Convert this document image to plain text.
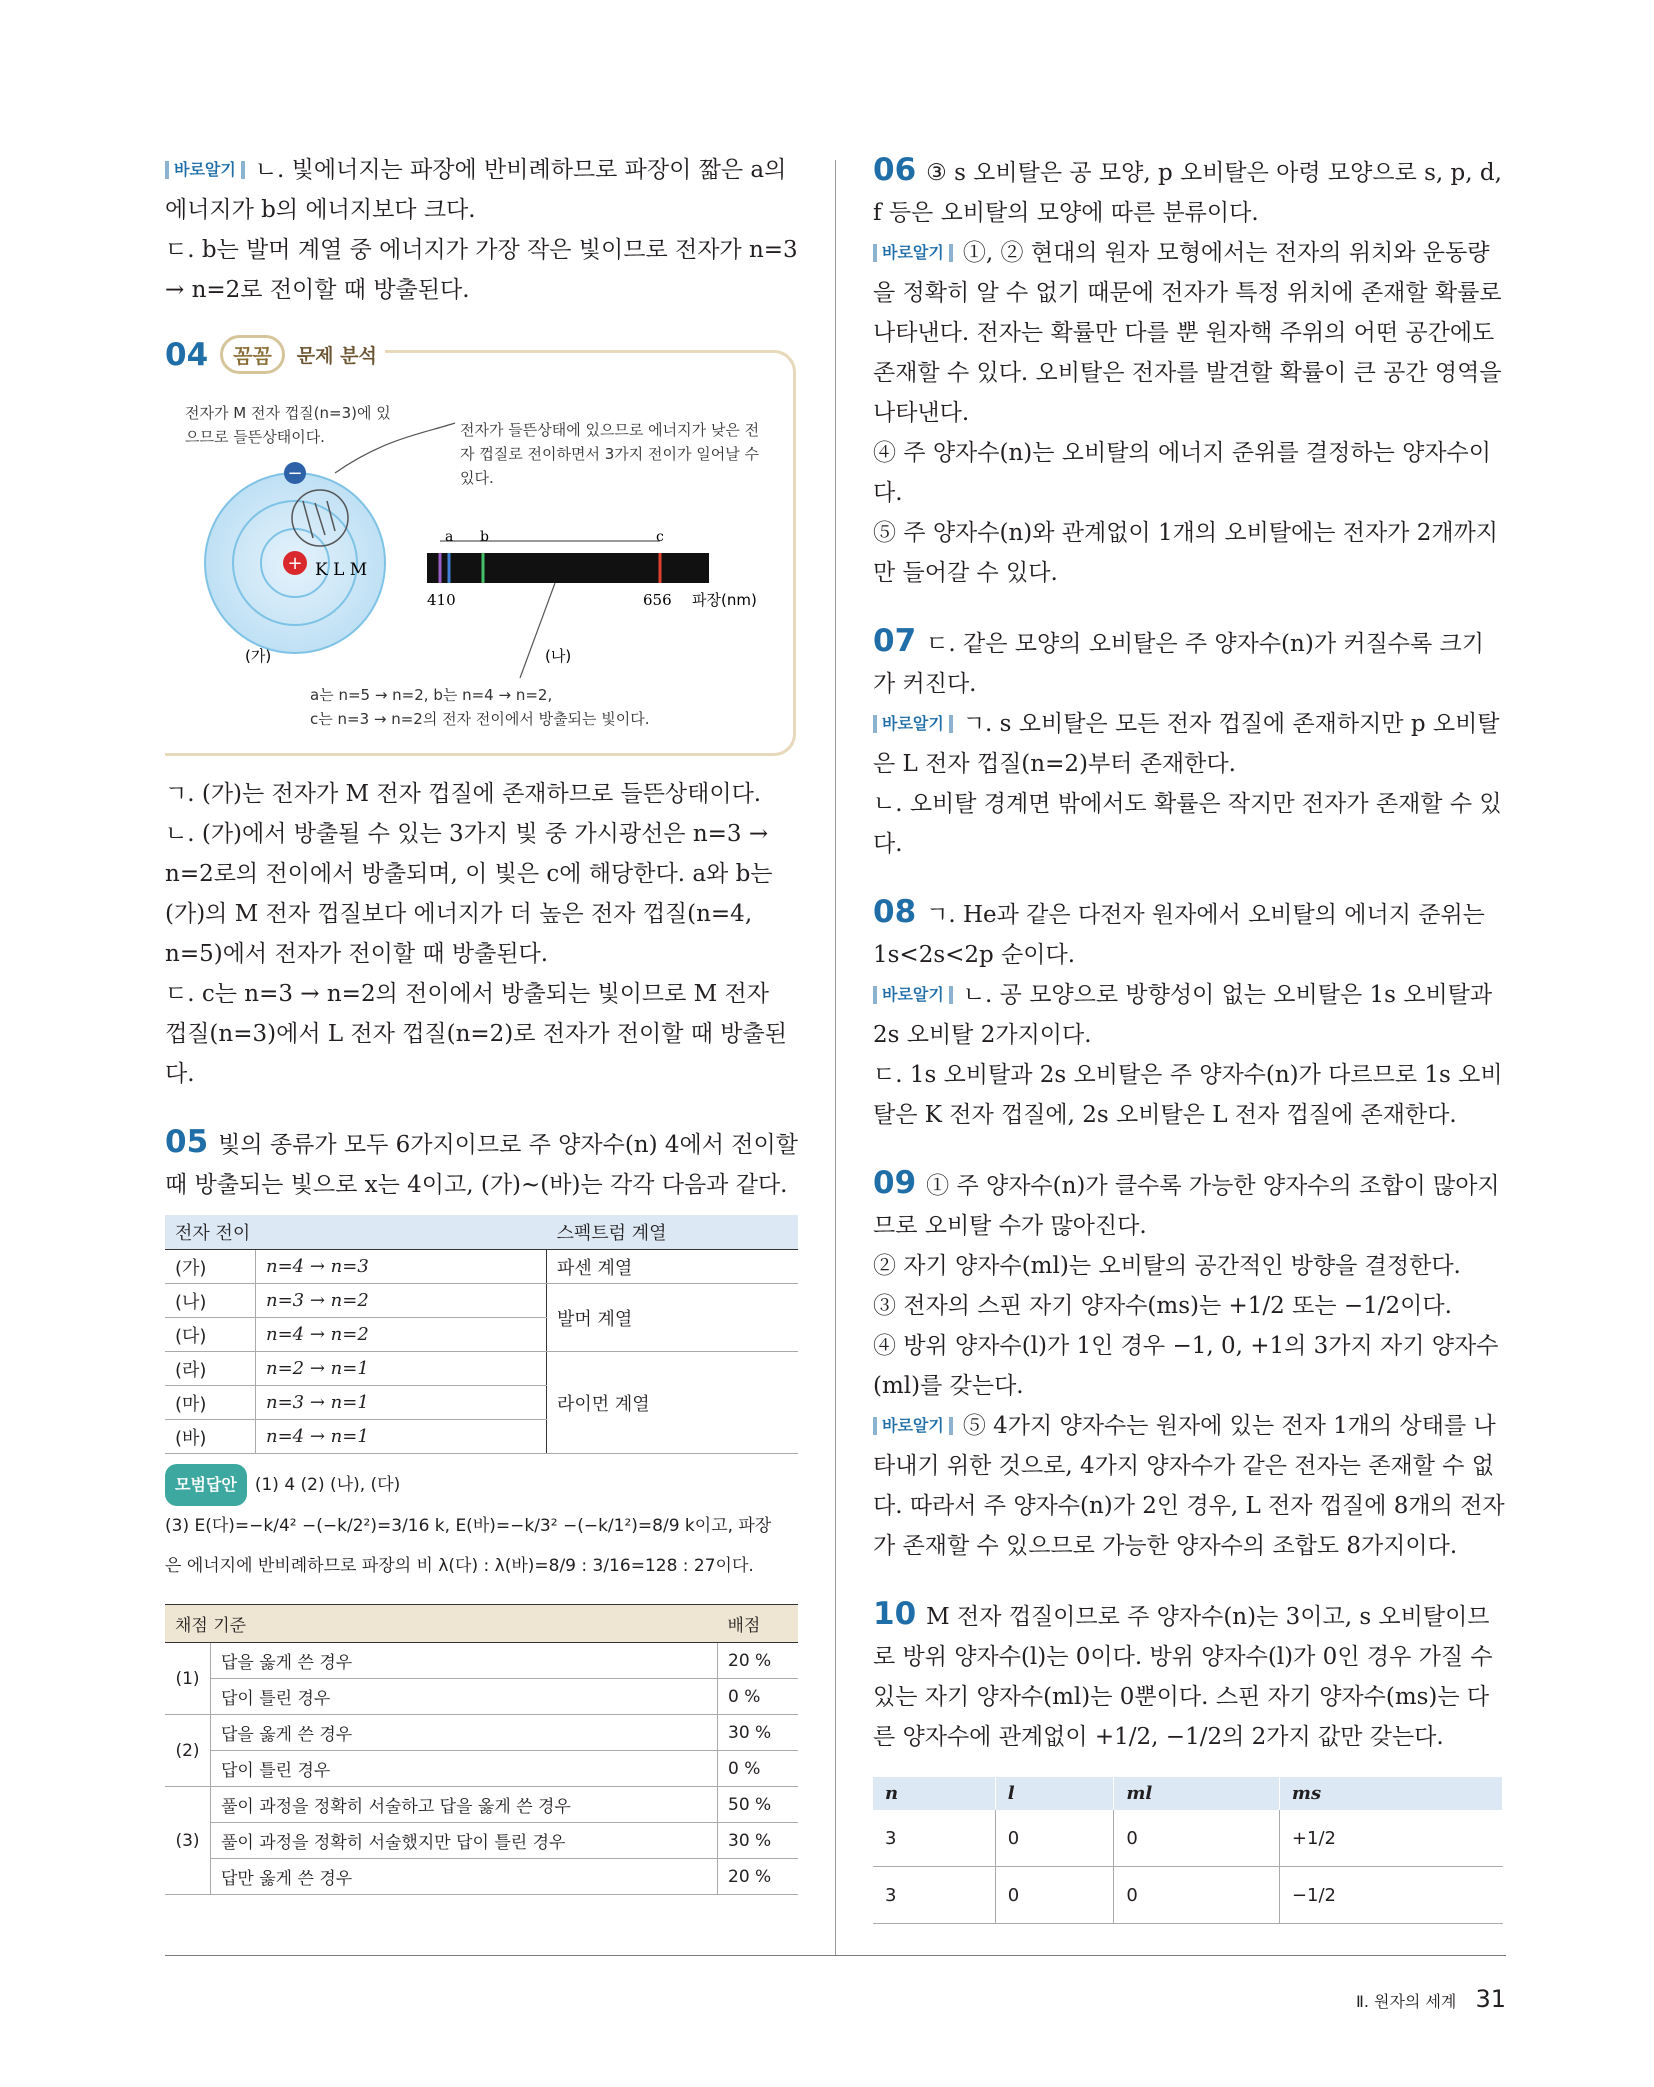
바로알기 ㄴ. 빛에너지는 파장에 반비례하므로 파장이 짧은 a의 에너지가 b의 에너지보다 크다.

ㄷ. b는 발머 계열 중 에너지가 가장 작은 빛이므로 전자가 n=3 → n=2로 전이할 때 방출된다.

04	꼼꼼	문제 분석
+
−
K L M
a b	c
410	656 파장(nm)
(가)	(나)
전자가 M 전자 껍질(n=3)에 있으므로 들뜬상태이다.	전자가 들뜬상태에 있으므로 에너지가 낮은 전자 껍질로 전이하면서 3가지 전이가 일어날 수 있다.
a는 n=5 → n=2, b는 n=4 → n=2,
c는 n=3 → n=2의 전자 전이에서 방출되는 빛이다.

ㄱ. (가)는 전자가 M 전자 껍질에 존재하므로 들뜬상태이다.

ㄴ. (가)에서 방출될 수 있는 3가지 빛 중 가시광선은 n=3 → n=2로의 전이에서 방출되며, 이 빛은 c에 해당한다. a와 b는 (가)의 M 전자 껍질보다 에너지가 더 높은 전자 껍질(n=4, n=5)에서 전자가 전이할 때 방출된다.

ㄷ. c는 n=3 → n=2의 전이에서 방출되는 빛이므로 M 전자 껍질(n=3)에서 L 전자 껍질(n=2)로 전자가 전이할 때 방출된다.

05 빛의 종류가 모두 6가지이므로 주 양자수(n) 4에서 전이할 때 방출되는 빛으로 x는 4이고, (가)~(바)는 각각 다음과 같다.

전자 전이		스펙트럼 계열
(가)	n=4 → n=3	파센 계열
(나)	n=3 → n=2	발머 계열
(다)	n=4 → n=2	
(라)	n=2 → n=1	라이먼 계열
(마)	n=3 → n=1	
(바)	n=4 → n=1	
모범답안 (1) 4 (2) (나), (다)
(3) E(다)=−k/4² −(−k/2²)=3/16 k, E(바)=−k/3² −(−k/1²)=8/9 k이고, 파장
은 에너지에 반비례하므로 파장의 비 λ(다) : λ(바)=8/9 : 3/16=128 : 27이다.
채점 기준		배점
(1)	답을 옳게 쓴 경우	20 %
	답이 틀린 경우	0 %
(2)	답을 옳게 쓴 경우	30 %
	답이 틀린 경우	0 %
(3)	풀이 과정을 정확히 서술하고 답을 옳게 쓴 경우	50 %
	풀이 과정을 정확히 서술했지만 답이 틀린 경우	30 %
	답만 옳게 쓴 경우	20 %

06 ③ s 오비탈은 공 모양, p 오비탈은 아령 모양으로 s, p, d, f 등은 오비탈의 모양에 따른 분류이다.

바로알기 ①, ② 현대의 원자 모형에서는 전자의 위치와 운동량을 정확히 알 수 없기 때문에 전자가 특정 위치에 존재할 확률로 나타낸다. 전자는 확률만 다를 뿐 원자핵 주위의 어떤 공간에도 존재할 수 있다. 오비탈은 전자를 발견할 확률이 큰 공간 영역을 나타낸다.

④ 주 양자수(n)는 오비탈의 에너지 준위를 결정하는 양자수이다.

⑤ 주 양자수(n)와 관계없이 1개의 오비탈에는 전자가 2개까지만 들어갈 수 있다.

07 ㄷ. 같은 모양의 오비탈은 주 양자수(n)가 커질수록 크기가 커진다.

바로알기 ㄱ. s 오비탈은 모든 전자 껍질에 존재하지만 p 오비탈은 L 전자 껍질(n=2)부터 존재한다.

ㄴ. 오비탈 경계면 밖에서도 확률은 작지만 전자가 존재할 수 있다.

08 ㄱ. He과 같은 다전자 원자에서 오비탈의 에너지 준위는 1s<2s<2p 순이다.

바로알기 ㄴ. 공 모양으로 방향성이 없는 오비탈은 1s 오비탈과 2s 오비탈 2가지이다.

ㄷ. 1s 오비탈과 2s 오비탈은 주 양자수(n)가 다르므로 1s 오비탈은 K 전자 껍질에, 2s 오비탈은 L 전자 껍질에 존재한다.

09 ① 주 양자수(n)가 클수록 가능한 양자수의 조합이 많아지므로 오비탈 수가 많아진다.

② 자기 양자수(ml)는 오비탈의 공간적인 방향을 결정한다.

③ 전자의 스핀 자기 양자수(ms)는 +1/2 또는 −1/2이다.

④ 방위 양자수(l)가 1인 경우 −1, 0, +1의 3가지 자기 양자수(ml)를 갖는다.

바로알기 ⑤ 4가지 양자수는 원자에 있는 전자 1개의 상태를 나타내기 위한 것으로, 4가지 양자수가 같은 전자는 존재할 수 없다. 따라서 주 양자수(n)가 2인 경우, L 전자 껍질에 8개의 전자가 존재할 수 있으므로 가능한 양자수의 조합도 8가지이다.

10 M 전자 껍질이므로 주 양자수(n)는 3이고, s 오비탈이므로 방위 양자수(l)는 0이다. 방위 양자수(l)가 0인 경우 가질 수 있는 자기 양자수(ml)는 0뿐이다. 스핀 자기 양자수(ms)는 다른 양자수에 관계없이 +1/2, −1/2의 2가지 값만 갖는다.

n	l	ml	ms
3	0	0	+1/2
3	0	0	−1/2
Ⅱ. 원자의 세계 31
